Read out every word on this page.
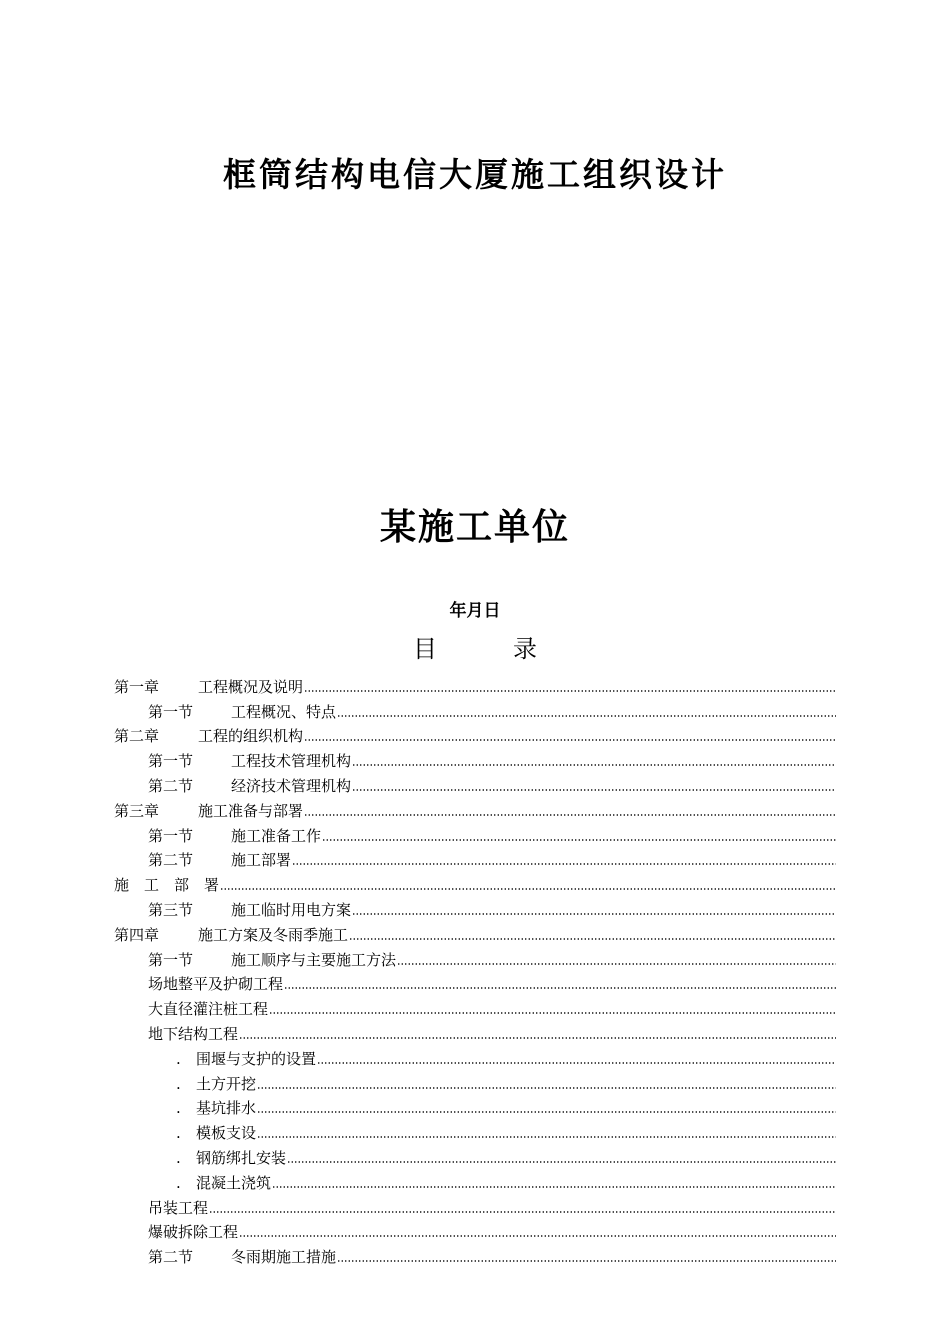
框筒结构电信大厦施工组织设计
某施工单位
年月日
目　录
第一章	工程概况及说明
第一节	工程概况、特点
第二章	工程的组织机构
第一节	工程技术管理机构
第二节	经济技术管理机构
第三章	施工准备与部署
第一节	施工准备工作
第二节	施工部署
施　工　部　署
第三节	施工临时用电方案
第四章	施工方案及冬雨季施工
第一节	施工顺序与主要施工方法
场地整平及护砌工程
大直径灌注桩工程
地下结构工程
. 围堰与支护的设置
. 土方开挖
. 基坑排水
. 模板支设
. 钢筋绑扎安装
. 混凝土浇筑
吊装工程
爆破拆除工程
第二节	冬雨期施工措施
